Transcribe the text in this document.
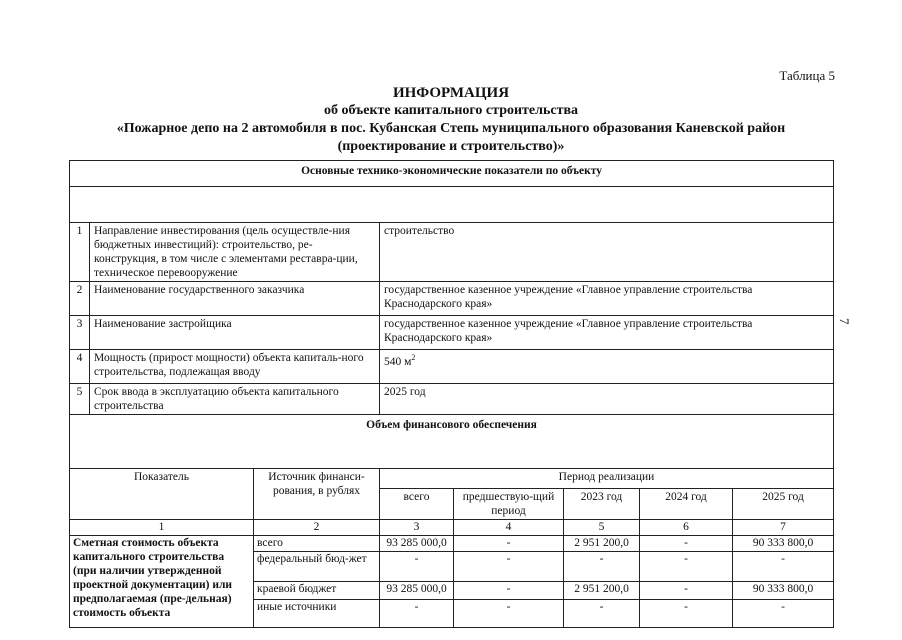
Таблица 5
ИНФОРМАЦИЯ
об объекте капитального строительства
«Пожарное депо на 2 автомобиля в пос. Кубанская Степь муниципального образования Каневской район
(проектирование и строительство)»
7
Основные технико-экономические показатели по объекту							

1	Направление инвестирования (цель осуществле-ния бюджетных инвестиций): строительство, ре-конструкция, в том числе с элементами реставра-ции, техническое перевооружение		строительство				
2	Наименование государственного заказчика		государственное казенное учреждение «Главное управление строительства Краснодарского края»				
3	Наименование застройщика		государственное казенное учреждение «Главное управление строительства Краснодарского края»				
4	Мощность (прирост мощности) объекта капиталь-ного строительства, подлежащая вводу		540 $м^2$
5	Срок ввода в эксплуатацию объекта капитального строительства		2025 год				
Объем финансового обеспечения							

Показатель		Источник финанси-рования, в рублях	Период реализации				
			всего	предшествую-щий период	2023 год	2024 год	2025 год
1		2	3	4	5	6	7
Сметная стоимость объекта капитального строительства (при наличии утвержденной проектной документации) или предполагаемая (пре-дельная) стоимость объекта		всего	93 285 000,0	-	2 951 200,0	-	90 333 800,0
		федеральный бюд-жет	-	-	-	-	-
		краевой бюджет	93 285 000,0	-	2 951 200,0	-	90 333 800,0
		иные источники	-	-	-	-	-
